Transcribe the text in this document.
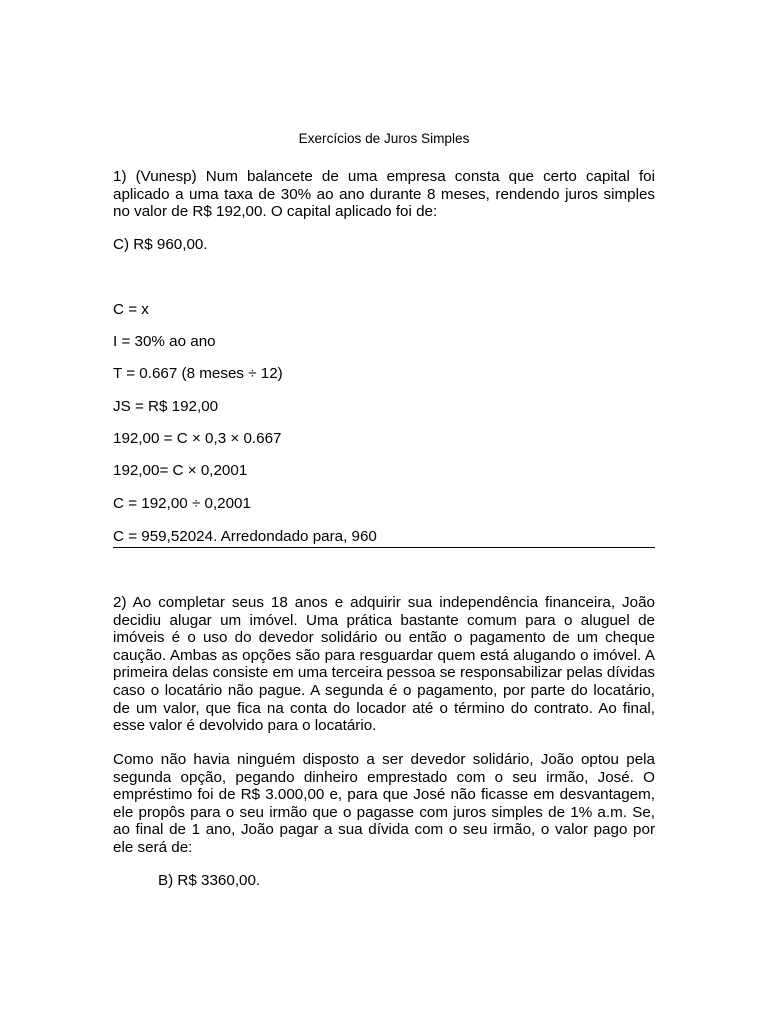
Exercícios de Juros Simples
1) (Vunesp) Num balancete de uma empresa consta que certo capital foi aplicado a uma taxa de 30% ao ano durante 8 meses, rendendo juros simples no valor de R$ 192,00. O capital aplicado foi de:
C) R$ 960,00.
C = x
I = 30% ao ano
T = 0.667 (8 meses ÷ 12)
JS = R$ 192,00
192,00 = C × 0,3 × 0.667
192,00= C × 0,2001
C = 192,00 ÷ 0,2001
C = 959,52024. Arredondado para, 960
2) Ao completar seus 18 anos e adquirir sua independência financeira, João decidiu alugar um imóvel. Uma prática bastante comum para o aluguel de imóveis é o uso do devedor solidário ou então o pagamento de um cheque caução. Ambas as opções são para resguardar quem está alugando o imóvel. A primeira delas consiste em uma terceira pessoa se responsabilizar pelas dívidas caso o locatário não pague. A segunda é o pagamento, por parte do locatário, de um valor, que fica na conta do locador até o término do contrato. Ao final, esse valor é devolvido para o locatário.
Como não havia ninguém disposto a ser devedor solidário, João optou pela segunda opção, pegando dinheiro emprestado com o seu irmão, José. O empréstimo foi de R$ 3.000,00 e, para que José não ficasse em desvantagem, ele propôs para o seu irmão que o pagasse com juros simples de 1% a.m. Se, ao final de 1 ano, João pagar a sua dívida com o seu irmão, o valor pago por ele será de:
B) R$ 3360,00.
